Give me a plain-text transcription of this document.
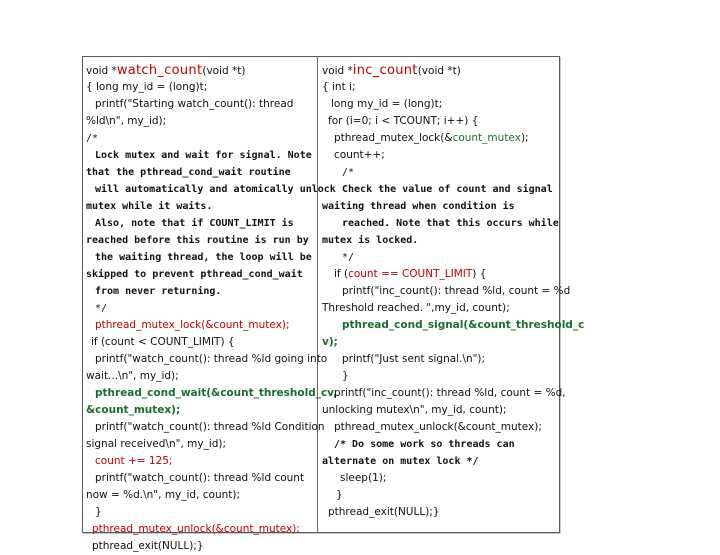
void *watch_count(void *t)
{ long my_id = (long)t;
printf("Starting watch_count(): thread
%ld\n", my_id);
/*
Lock mutex and wait for signal. Note
that the pthread_cond_wait routine
will automatically and atomically unlock
mutex while it waits.
Also, note that if COUNT_LIMIT is
reached before this routine is run by
the waiting thread, the loop will be
skipped to prevent pthread_cond_wait
from never returning.
*/
pthread_mutex_lock(&count_mutex);
if (count < COUNT_LIMIT) {
printf("watch_count(): thread %ld going into
wait...\n", my_id);
pthread_cond_wait(&count_threshold_cv,
&count_mutex);
printf("watch_count(): thread %ld Condition
signal received\n", my_id);
count += 125;
printf("watch_count(): thread %ld count
now = %d.\n", my_id, count);
}
pthread_mutex_unlock(&count_mutex);
pthread_exit(NULL);}
void *inc_count(void *t)
{ int i;
long my_id = (long)t;
for (i=0; i < TCOUNT; i++) {
pthread_mutex_lock(&count_mutex);
count++;
/*
Check the value of count and signal
waiting thread when condition is
reached. Note that this occurs while
mutex is locked.
*/
if (count == COUNT_LIMIT) {
printf("inc_count(): thread %ld, count = %d
Threshold reached. ",my_id, count);
pthread_cond_signal(&count_threshold_c
v);
printf("Just sent signal.\n");
}
printf("inc_count(): thread %ld, count = %d,
unlocking mutex\n", my_id, count);
pthread_mutex_unlock(&count_mutex);
/* Do some work so threads can
alternate on mutex lock */
sleep(1);
}
pthread_exit(NULL);}
